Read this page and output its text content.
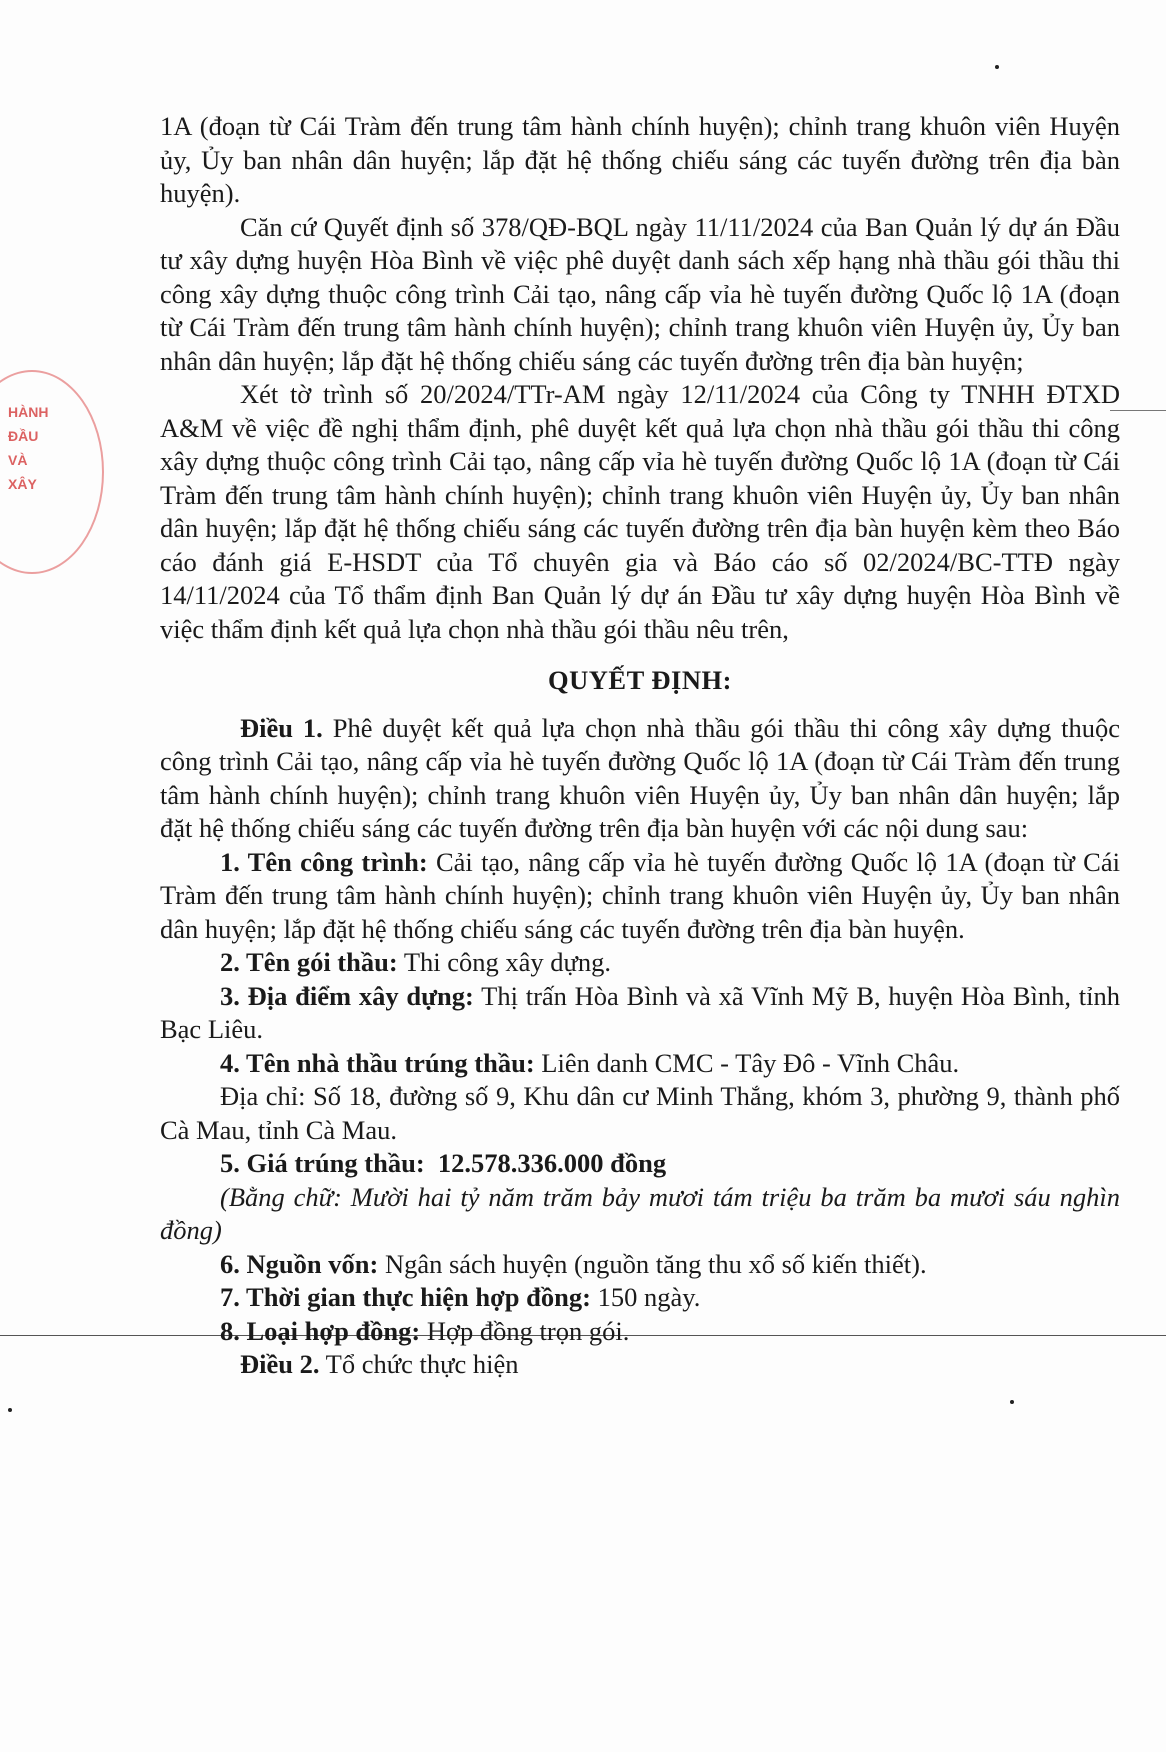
HÀNH
ĐẦU
VÀ
XÂY

1A (đoạn từ Cái Tràm đến trung tâm hành chính huyện); chỉnh trang khuôn viên Huyện ủy, Ủy ban nhân dân huyện; lắp đặt hệ thống chiếu sáng các tuyến đường trên địa bàn huyện).

Căn cứ Quyết định số 378/QĐ-BQL ngày 11/11/2024 của Ban Quản lý dự án Đầu tư xây dựng huyện Hòa Bình về việc phê duyệt danh sách xếp hạng nhà thầu gói thầu thi công xây dựng thuộc công trình Cải tạo, nâng cấp vỉa hè tuyến đường Quốc lộ 1A (đoạn từ Cái Tràm đến trung tâm hành chính huyện); chỉnh trang khuôn viên Huyện ủy, Ủy ban nhân dân huyện; lắp đặt hệ thống chiếu sáng các tuyến đường trên địa bàn huyện;

Xét tờ trình số 20/2024/TTr-AM ngày 12/11/2024 của Công ty TNHH ĐTXD A&M về việc đề nghị thẩm định, phê duyệt kết quả lựa chọn nhà thầu gói thầu thi công xây dựng thuộc công trình Cải tạo, nâng cấp vỉa hè tuyến đường Quốc lộ 1A (đoạn từ Cái Tràm đến trung tâm hành chính huyện); chỉnh trang khuôn viên Huyện ủy, Ủy ban nhân dân huyện; lắp đặt hệ thống chiếu sáng các tuyến đường trên địa bàn huyện kèm theo Báo cáo đánh giá E-HSDT của Tổ chuyên gia và Báo cáo số 02/2024/BC-TTĐ ngày 14/11/2024 của Tổ thẩm định Ban Quản lý dự án Đầu tư xây dựng huyện Hòa Bình về việc thẩm định kết quả lựa chọn nhà thầu gói thầu nêu trên,

QUYẾT ĐỊNH:

Điều 1. Phê duyệt kết quả lựa chọn nhà thầu gói thầu thi công xây dựng thuộc công trình Cải tạo, nâng cấp vỉa hè tuyến đường Quốc lộ 1A (đoạn từ Cái Tràm đến trung tâm hành chính huyện); chỉnh trang khuôn viên Huyện ủy, Ủy ban nhân dân huyện; lắp đặt hệ thống chiếu sáng các tuyến đường trên địa bàn huyện với các nội dung sau:

1. Tên công trình: Cải tạo, nâng cấp vỉa hè tuyến đường Quốc lộ 1A (đoạn từ Cái Tràm đến trung tâm hành chính huyện); chỉnh trang khuôn viên Huyện ủy, Ủy ban nhân dân huyện; lắp đặt hệ thống chiếu sáng các tuyến đường trên địa bàn huyện.

2. Tên gói thầu: Thi công xây dựng.

3. Địa điểm xây dựng: Thị trấn Hòa Bình và xã Vĩnh Mỹ B, huyện Hòa Bình, tỉnh Bạc Liêu.

4. Tên nhà thầu trúng thầu: Liên danh CMC - Tây Đô - Vĩnh Châu.

Địa chỉ: Số 18, đường số 9, Khu dân cư Minh Thắng, khóm 3, phường 9, thành phố Cà Mau, tỉnh Cà Mau.

5. Giá trúng thầu: 12.578.336.000 đồng

(Bằng chữ: Mười hai tỷ năm trăm bảy mươi tám triệu ba trăm ba mươi sáu nghìn đồng)

6. Nguồn vốn: Ngân sách huyện (nguồn tăng thu xổ số kiến thiết).

7. Thời gian thực hiện hợp đồng: 150 ngày.

8. Loại hợp đồng: Hợp đồng trọn gói.

Điều 2. Tổ chức thực hiện
